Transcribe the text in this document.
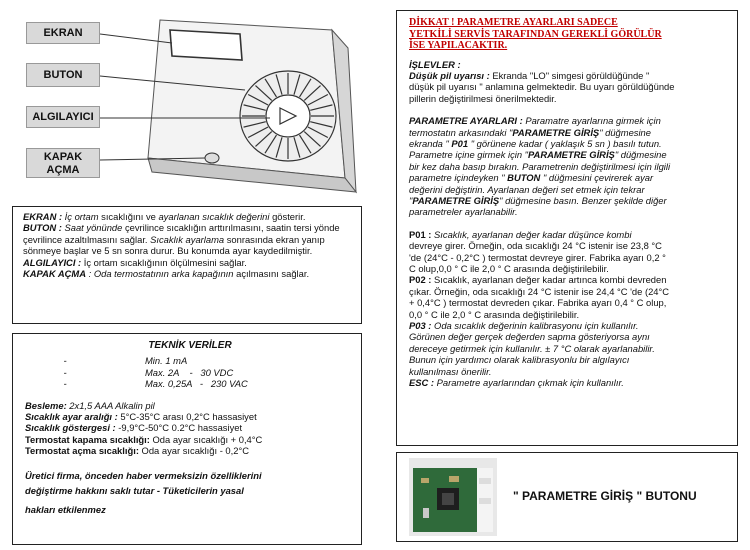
EKRAN
BUTON
ALGILAYICI
KAPAK
AÇMA

EKRAN : İç ortam sıcaklığını ve ayarlanan sıcaklık değerini gösterir.

BUTON : Saat yönünde çevrilince sıcaklığın arttırılmasını, saatin tersi yönde çevrilince azaltılmasını sağlar. Sıcaklık ayarlama sonrasında ekran yanıp sönmeye başlar ve 5 sn sonra durur. Bu konumda ayar kaydedilmiştir.

ALGILAYICI : İç ortam sıcaklığının ölçülmesini sağlar.

KAPAK AÇMA : Oda termostatının arka kapağının açılmasını sağlar.

TEKNİK VERİLER
-	Min. 1 mA
-	Max. 2A    -   30 VDC
-	Max. 0,25A   -   230 VAC

Besleme: 2x1,5 AAA Alkalin pil

Sıcaklık ayar aralığı : 5°C-35°C arası 0,2°C hassasiyet

Sıcaklık göstergesi : -9,9°C-50°C 0.2°C hassasiyet

Termostat kapama sıcaklığı: Oda ayar sıcaklığı + 0,4°C

Termostat açma sıcaklığı: Oda ayar sıcaklığı - 0,2°C

Üretici firma, önceden haber vermeksizin özelliklerini

değiştirme hakkını saklı tutar - Tüketicilerin yasal

hakları etkilenmez

DİKKAT ! PARAMETRE AYARLARI SADECE
YETKİLİ SERVİS TARAFINDAN GEREKLİ GÖRÜLÜR
İSE YAPILACAKTIR.

İŞLEVLER :

Düşük pil uyarısı : Ekranda "LO" simgesi görüldüğünde "

düşük pil uyarısı " anlamına gelmektedir. Bu uyarı görüldüğünde

pillerin değiştirilmesi önerilmektedir.

PARAMETRE AYARLARI : Paramatre ayarlarına girmek için

termostatın arkasındaki "PARAMETRE GİRİŞ" düğmesine

ekranda " P01 " görünene kadar ( yaklaşık 5 sn ) basılı tutun.

Parametre içine girmek için "PARAMETRE GİRİŞ" düğmesine

bir kez daha basıp bırakın. Parametrenin değiştirilmesi için ilgili

parametre içindeyken " BUTON " düğmesini çevirerek ayar

değerini değiştirin. Ayarlanan değeri set etmek için tekrar

"PARAMETRE GİRİŞ" düğmesine basın. Benzer şekilde diğer

parametreler ayarlanabilir.

P01 : Sıcaklık, ayarlanan değer kadar düşünce kombi

devreye girer. Örneğin, oda sıcaklığı 24 °C istenir ise 23,8 °C

'de (24°C - 0,2°C ) termostat devreye girer. Fabrika ayarı 0,2 °

C olup,0,0 ° C ile 2,0 ° C arasında değiştirilebilir.

P02 : Sıcaklık, ayarlanan değer kadar artınca kombi devreden

çıkar. Örneğin, oda sıcaklığı 24 °C istenir ise 24,4 °C 'de (24°C

+ 0,4°C ) termostat devreden çıkar. Fabrika ayarı 0,4 ° C olup,

0,0 ° C ile 2,0 ° C arasında değiştirilebilir.

P03 : Oda sıcaklık değerinin kalibrasyonu için kullanılır.

Görünen değer gerçek değerden sapma gösteriyorsa aynı

dereceye getirmek için kullanılır. ± 7 °C olarak ayarlanabilir.

Bunun için yardımcı olarak kalibrasyonlu bir algılayıcı

kullanılması önerilir.

ESC : Parametre ayarlarından çıkmak için kullanılır.

" PARAMETRE GİRİŞ " BUTONU
